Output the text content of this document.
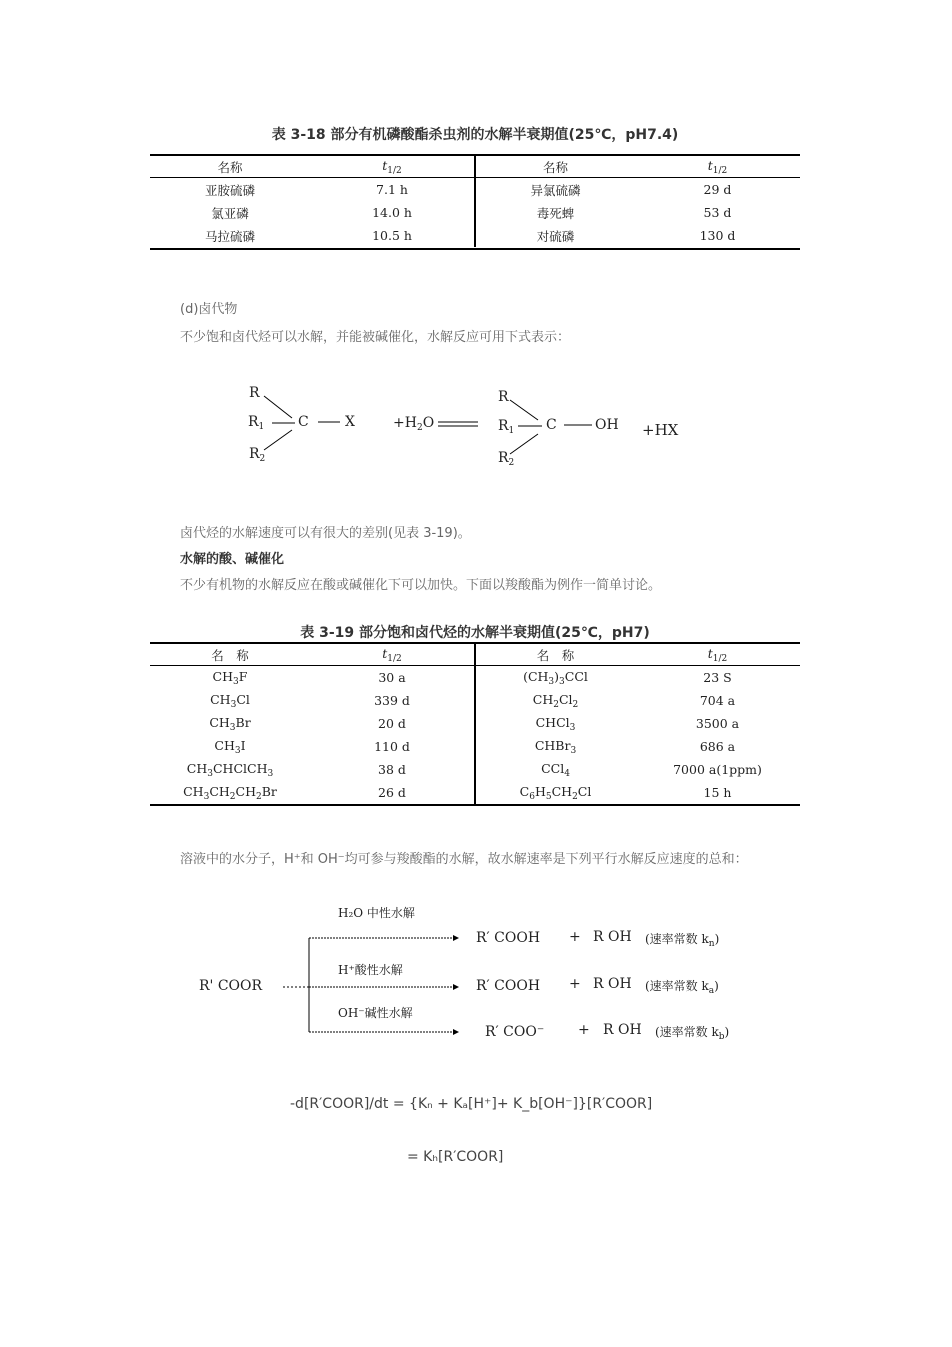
表 3-18 部分有机磷酸酯杀虫剂的水解半衰期值(25℃，pH7.4)
名称	$t_{1/2}$	名称	$t_{1/2}$
亚胺硫磷	7.1 h	异氯硫磷	29 d
氯亚磷	14.0 h	毒死蜱	53 d
马拉硫磷	10.5 h	对硫磷	130 d
(d)卤代物
不少饱和卤代烃可以水解，并能被碱催化，水解反应可用下式表示：
R
$R_1$
$R_2$
C	X	$+H_2O$
R
$R_1$
$R_2$
C	OH +HX
卤代烃的水解速度可以有很大的差别(见表 3-19)。
水解的酸、碱催化
不少有机物的水解反应在酸或碱催化下可以加快。下面以羧酸酯为例作一简单讨论。
表 3-19 部分饱和卤代烃的水解半衰期值(25℃，pH7)
名　称	$t_{1/2}$	名　称	$t_{1/2}$
$CH_3F$	30 a	$(CH_3)_3CCl$	23 S
$CH_3Cl$	339 d	$CH_2Cl_2$	704 a
$CH_3Br$	20 d	CHCl$_3$	3500 a
$CH_3I$	110 d	CHBr$_3$	686 a
$CH_3CHClCH_3$	38 d	CCl$_4$	7000 a(1ppm)
$CH_3CH_2CH_2Br$	26 d	$C_6H_5CH_2Cl$	15 h
溶液中的水分子，H⁺和 OH⁻均可参与羧酸酯的水解，故水解速率是下列平行水解反应速度的总和：
R' COOR
H₂O 中性水解
R′ COOH + R OH (速率常数 $k_n$)
H⁺酸性水解
R′ COOH + R OH (速率常数 $k_a$)
OH⁻碱性水解
R′ COO⁻ + R OH (速率常数 $k_b$)
-d[R′COOR]/dt = {Kₙ + Kₐ[H⁺]+ K_b[OH⁻]}[R′COOR]
= Kₕ[R′COOR]
